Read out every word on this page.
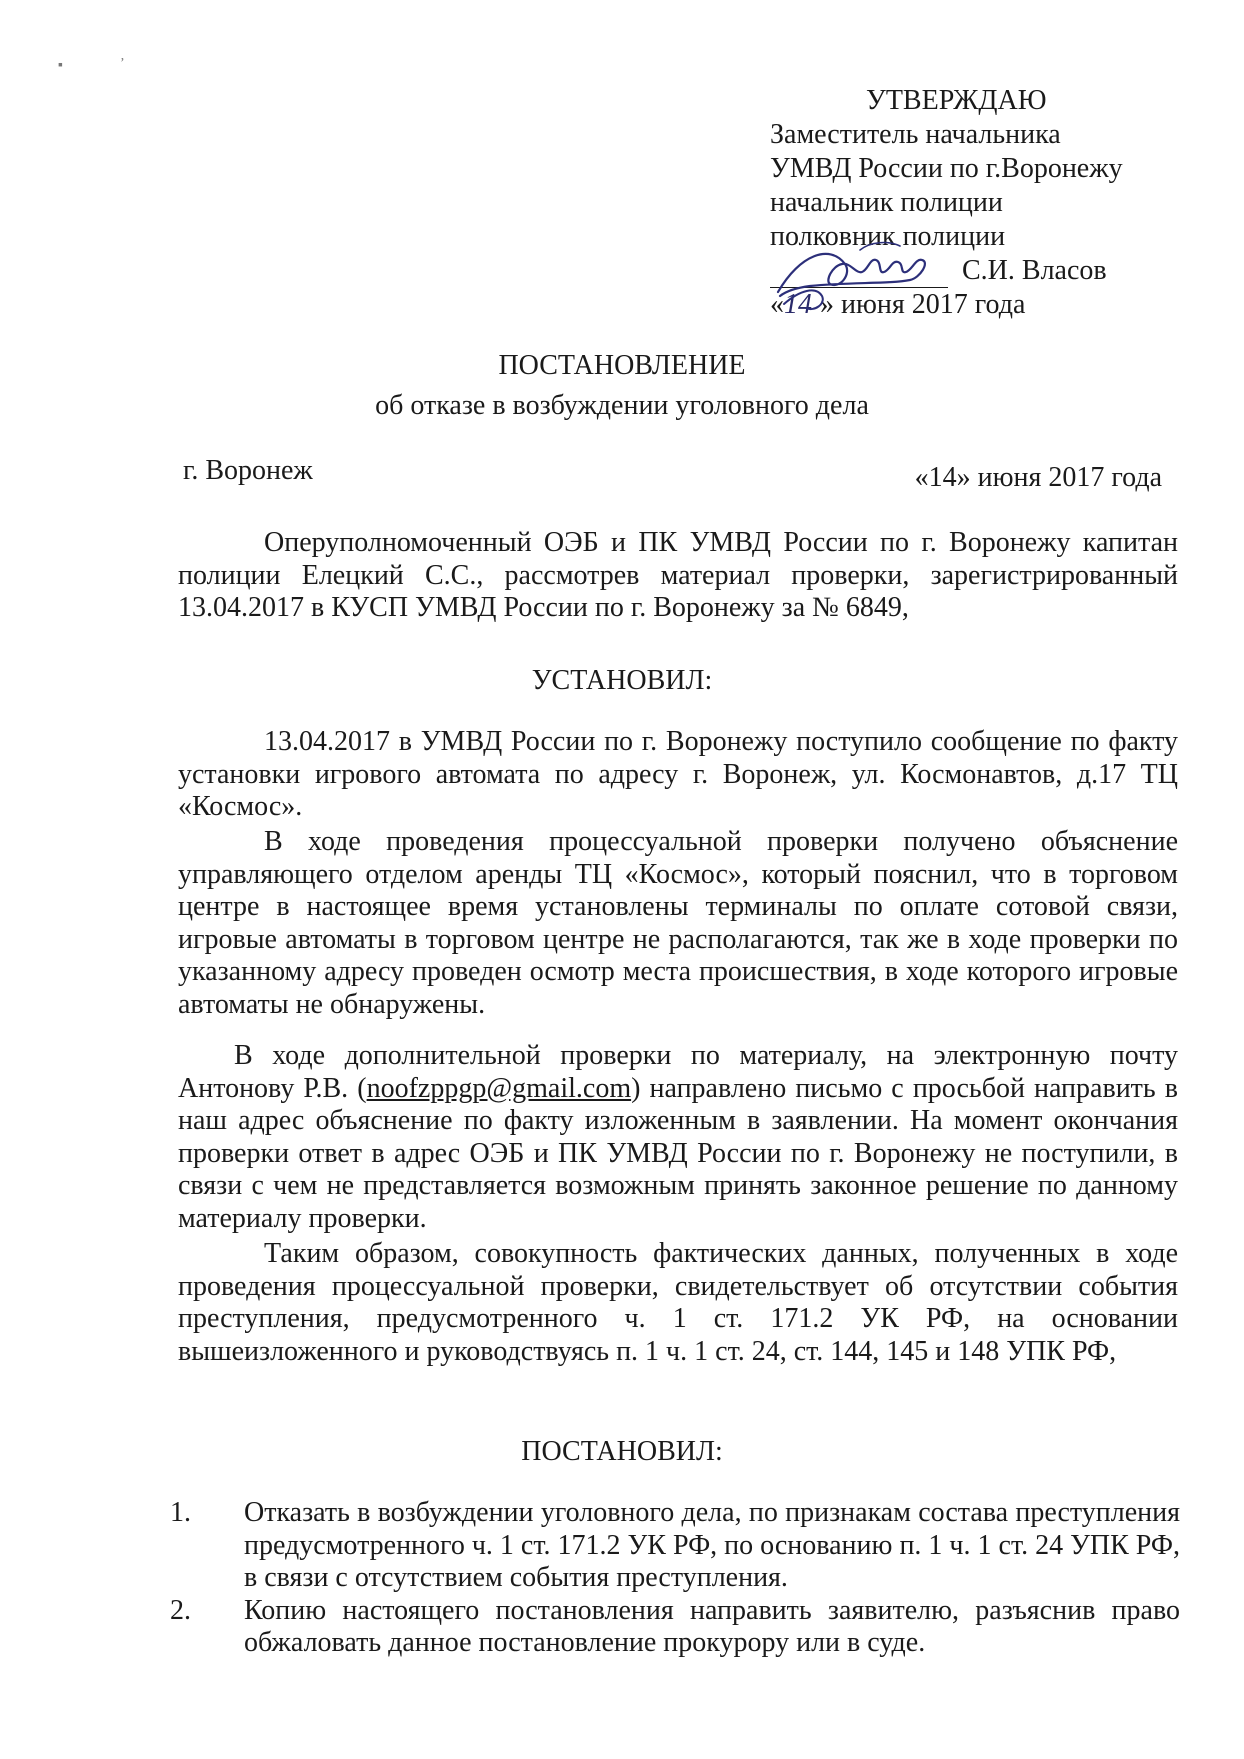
▪	ʼ
УТВЕРЖДАЮ
Заместитель начальника
УМВД России по г.Воронежу
начальник полиции
полковник полиции
С.И. Власов
«14 » июня 2017 года
ПОСТАНОВЛЕНИЕ
об отказе в возбуждении уголовного дела
г. Воронеж	«14» июня 2017 года
Оперуполномоченный ОЭБ и ПК УМВД России по г. Воронежу капитан полиции Елецкий С.С., рассмотрев материал проверки, зарегистрированный 13.04.2017 в КУСП УМВД России по г. Воронежу за № 6849,
УСТАНОВИЛ:
13.04.2017 в УМВД России по г. Воронежу поступило сообщение по факту установки игрового автомата по адресу г. Воронеж, ул. Космонавтов, д.17 ТЦ «Космос».
В ходе проведения процессуальной проверки получено объяснение управляющего отделом аренды ТЦ «Космос», который пояснил, что в торговом центре в настоящее время установлены терминалы по оплате сотовой связи, игровые автоматы в торговом центре не располагаются, так же в ходе проверки по указанному адресу проведен осмотр места происшествия, в ходе которого игровые автоматы не обнаружены.
В ходе дополнительной проверки по материалу, на электронную почту Антонову Р.В. (noofzppgp@gmail.com) направлено письмо с просьбой направить в наш адрес объяснение по факту изложенным в заявлении. На момент окончания проверки ответ в адрес ОЭБ и ПК УМВД России по г. Воронежу не поступили, в связи с чем не представляется возможным принять законное решение по данному материалу проверки.
Таким образом, совокупность фактических данных, полученных в ходе проведения процессуальной проверки, свидетельствует об отсутствии события преступления, предусмотренного ч. 1 ст. 171.2 УК РФ, на основании вышеизложенного и руководствуясь п. 1 ч. 1 ст. 24, ст. 144, 145 и 148 УПК РФ,
ПОСТАНОВИЛ:
1. Отказать в возбуждении уголовного дела, по признакам состава преступления предусмотренного ч. 1 ст. 171.2 УК РФ, по основанию п. 1 ч. 1 ст. 24 УПК РФ, в связи с отсутствием события преступления.
2. Копию настоящего постановления направить заявителю, разъяснив право обжаловать данное постановление прокурору или в суде.
